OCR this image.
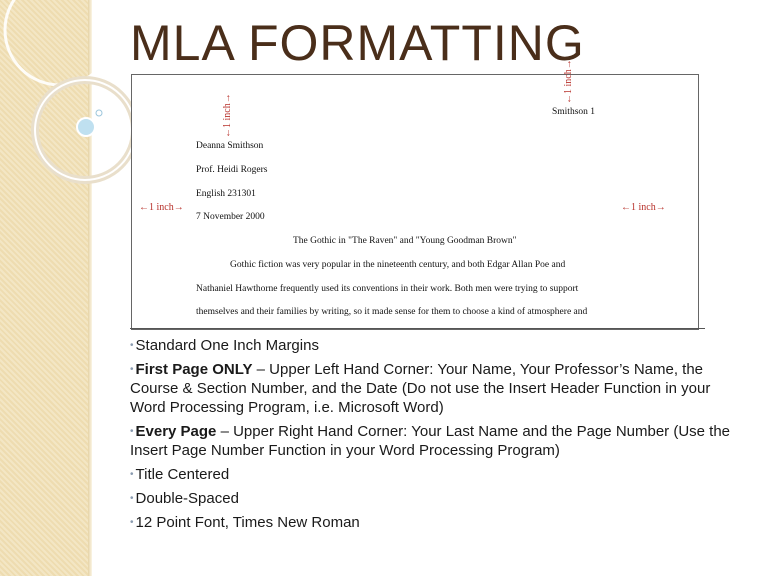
MLA FORMATTING
Smithson 1
Deanna Smithson
Prof. Heidi Rogers
English 231301
7 November 2000
The Gothic in "The Raven" and "Young Goodman Brown"
Gothic fiction was very popular in the nineteenth century, and both Edgar Allan Poe and
Nathaniel Hawthorne frequently used its conventions in their work. Both men were trying to support
themselves and their families by writing, so it made sense for them to choose a kind of atmosphere and
←1 inch→
←1 inch→
←1 inch→	←1 inch→
• Standard One Inch Margins
• First Page ONLY – Upper Left Hand Corner: Your Name, Your Professor’s Name, the Course & Section Number, and the Date (Do not use the Insert Header Function in your Word Processing Program, i.e. Microsoft Word)
• Every Page – Upper Right Hand Corner: Your Last Name and the Page Number (Use the Insert Page Number Function in your Word Processing Program)
• Title Centered
• Double-Spaced
• 12 Point Font, Times New Roman
